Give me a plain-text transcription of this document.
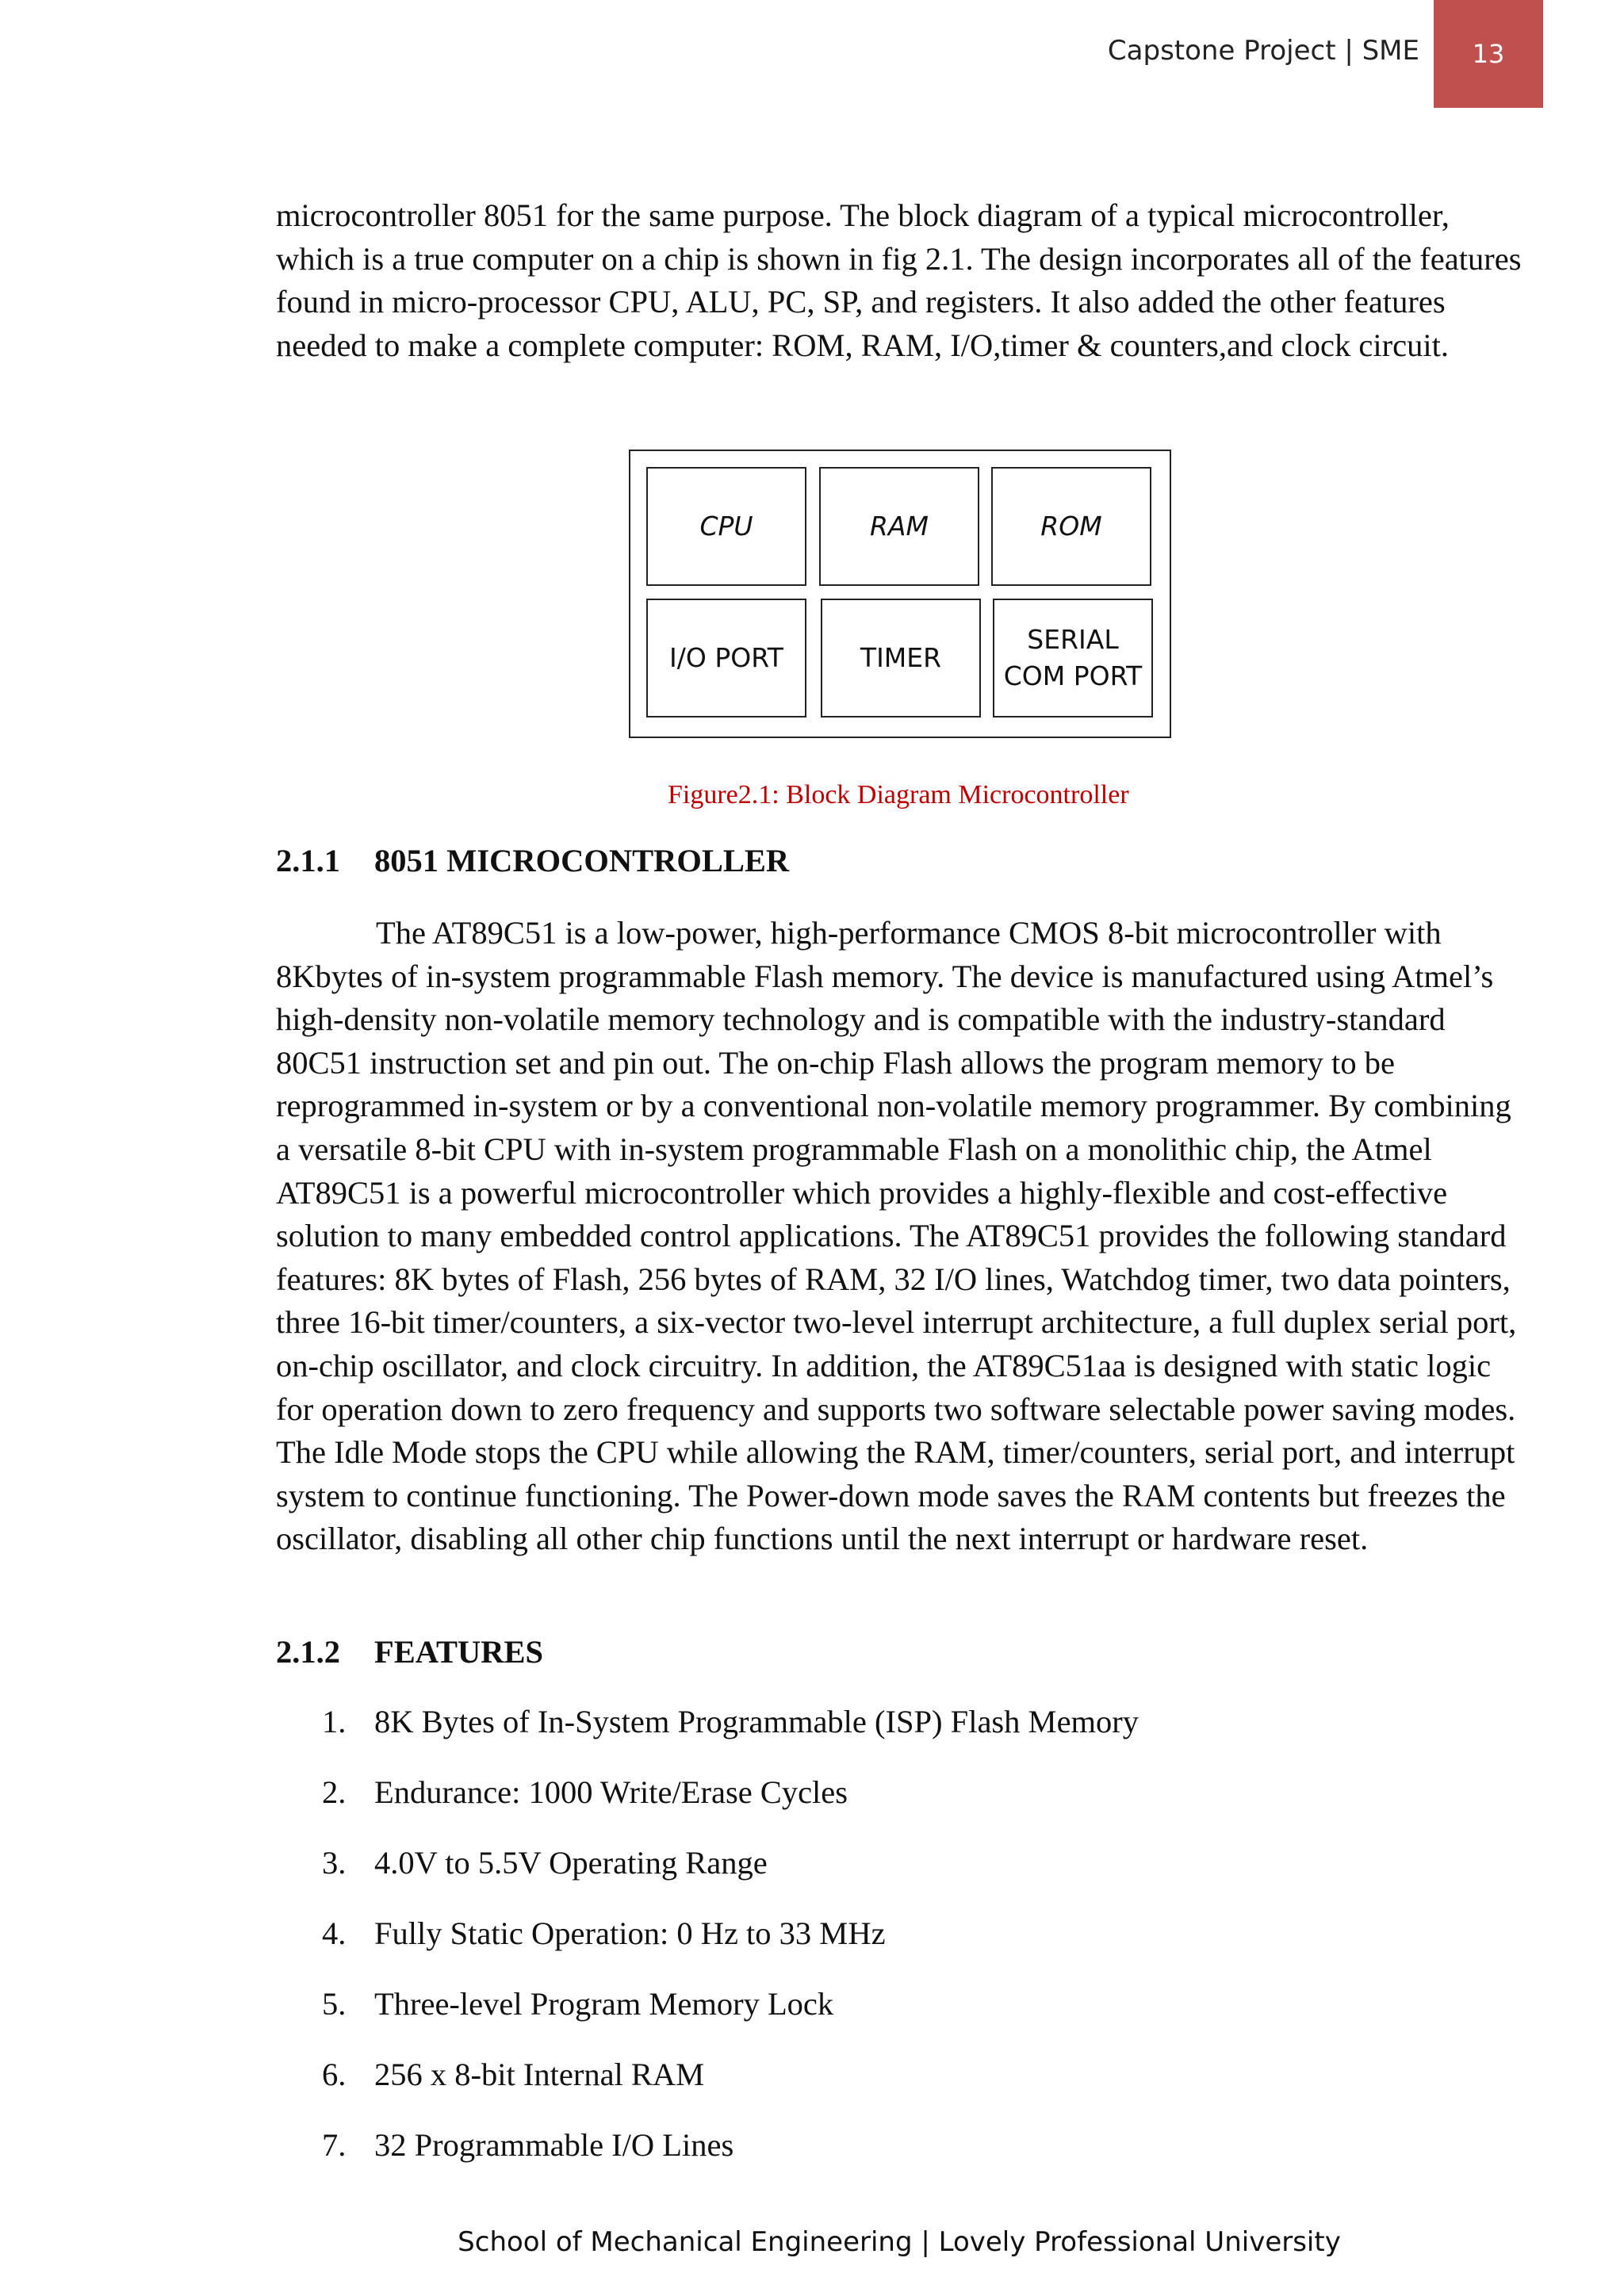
Capstone Project | SME 13

microcontroller 8051 for the same purpose. The block diagram of a typical microcontroller, which is a true computer on a chip is shown in fig 2.1. The design incorporates all of the features found in micro-processor CPU, ALU, PC, SP, and registers. It also added the other features needed to make a complete computer: ROM, RAM, I/O,timer & counters,and clock circuit.

CPU	RAM	ROM
I/O PORT	TIMER
SERIAL COM PORT
Figure2.1: Block Diagram Microcontroller
2.1.1 8051 MICROCONTROLLER

The AT89C51 is a low-power, high-performance CMOS 8-bit microcontroller with 8Kbytes of in-system programmable Flash memory. The device is manufactured using Atmel’s high-density non-volatile memory technology and is compatible with the industry-standard 80C51 instruction set and pin out. The on-chip Flash allows the program memory to be reprogrammed in-system or by a conventional non-volatile memory programmer. By combining a versatile 8-bit CPU with in-system programmable Flash on a monolithic chip, the Atmel AT89C51 is a powerful microcontroller which provides a highly-flexible and cost-effective solution to many embedded control applications. The AT89C51 provides the following standard features: 8K bytes of Flash, 256 bytes of RAM, 32 I/O lines, Watchdog timer, two data pointers, three 16-bit timer/counters, a six-vector two-level interrupt architecture, a full duplex serial port, on-chip oscillator, and clock circuitry. In addition, the AT89C51aa is designed with static logic for operation down to zero frequency and supports two software selectable power saving modes. The Idle Mode stops the CPU while allowing the RAM, timer/counters, serial port, and interrupt system to continue functioning. The Power-down mode saves the RAM contents but freezes the oscillator, disabling all other chip functions until the next interrupt or hardware reset.

2.1.2 FEATURES
1. 8K Bytes of In-System Programmable (ISP) Flash Memory
2. Endurance: 1000 Write/Erase Cycles
3. 4.0V to 5.5V Operating Range
4. Fully Static Operation: 0 Hz to 33 MHz
5. Three-level Program Memory Lock
6. 256 x 8-bit Internal RAM
7. 32 Programmable I/O Lines
School of Mechanical Engineering | Lovely Professional University
